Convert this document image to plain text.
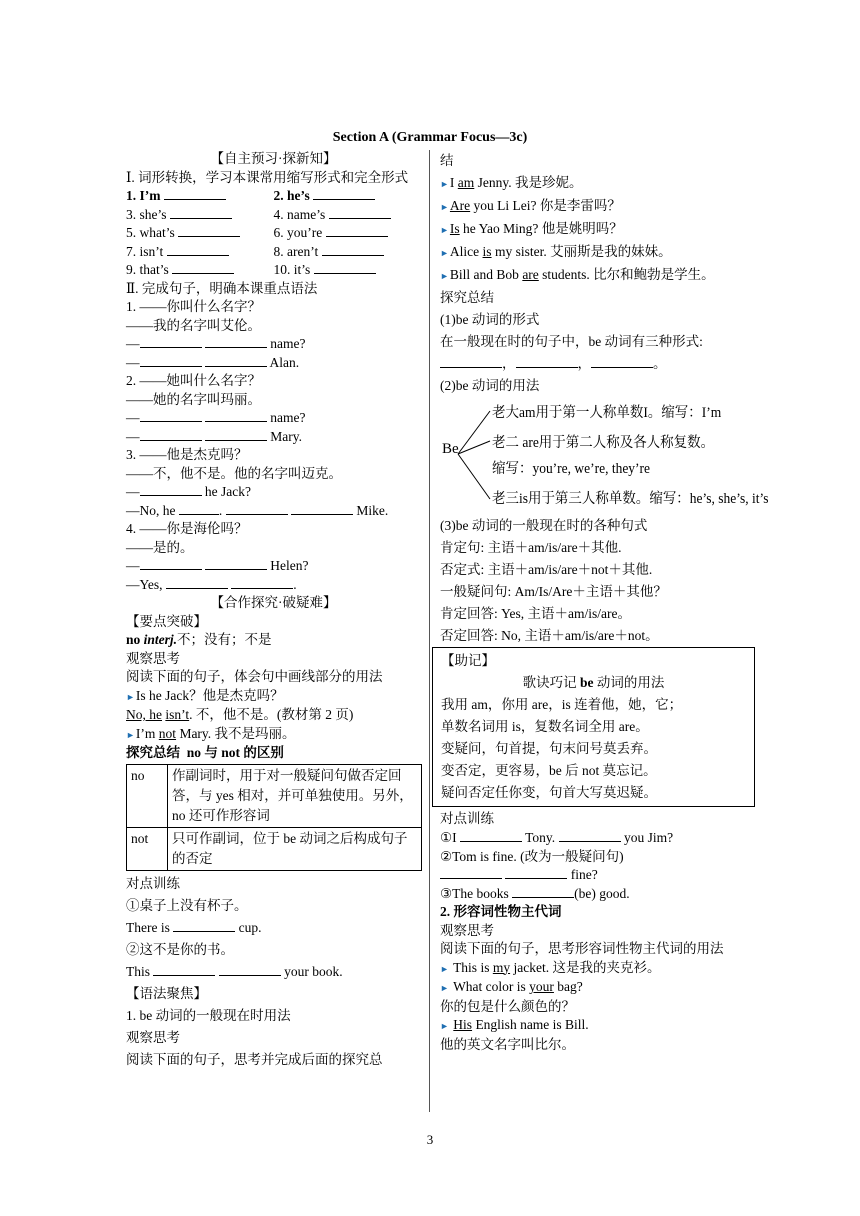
Section A (Grammar Focus—3c)
【自主预习·探新知】
Ⅰ. 词形转换，学习本课常用缩写形式和完全形式
1. I’m	2. he’s
3. she’s	4. name’s
5. what’s	6. you’re
7. isn’t	8. aren’t
9. that’s	10. it’s
Ⅱ. 完成句子，明确本课重点语法
1. ——你叫什么名字？
——我的名字叫艾伦。
—	name?
—	Alan.
2. ——她叫什么名字？
——她的名字叫玛丽。
—	name?
—	Mary.
3. ——他是杰克吗？
——不，他不是。他的名字叫迈克。
—	he Jack?
—No, he	.	Mike.
4. ——你是海伦吗？
——是的。
—	Helen?
—Yes,	.
【合作探究·破疑难】
【要点突破】
no interj.不；没有；不是
观察思考
阅读下面的句子，体会句中画线部分的用法
►Is he Jack？他是杰克吗？
No, he isn’t. 不，他不是。(教材第 2 页)
►I’m not Mary. 我不是玛丽。
探究总结 no 与 not 的区别
no	作副词时，用于对一般疑问句做否定回答，与 yes 相对，并可单独使用。另外，no 还可作形容词
not	只可作副词，位于 be 动词之后构成句子的否定
对点训练
①桌子上没有杯子。
There is	cup.
②这不是你的书。
This	your book.
【语法聚焦】
1. be 动词的一般现在时用法
观察思考
阅读下面的句子，思考并完成后面的探究总
结
►I am Jenny. 我是珍妮。
►Are you Li Lei? 你是李雷吗？
►Is he Yao Ming? 他是姚明吗？
►Alice is my sister. 艾丽斯是我的妹妹。
►Bill and Bob are students. 比尔和鲍勃是学生。
探究总结
(1)be 动词的形式
在一般现在时的句子中，be 动词有三种形式: ，	，	。
(2)be 动词的用法
Be
老大am用于第一人称单数I。缩写：I’m
老二 are用于第二人称及各人称复数。
缩写：you’re, we’re, they’re
老三is用于第三人称单数。缩写：he’s, she’s, it’s
(3)be 动词的一般现在时的各种句式
肯定句: 主语＋am/is/are＋其他.
否定式: 主语＋am/is/are＋not＋其他.
一般疑问句: Am/Is/Are＋主语＋其他？
肯定回答: Yes, 主语＋am/is/are。
否定回答: No, 主语＋am/is/are＋not。
【助记】
歌诀巧记 be 动词的用法
我用 am，你用 are，is 连着他，她，它；
单数名词用 is，复数名词全用 are。
变疑问，句首提，句末问号莫丢弃。
变否定，更容易，be 后 not 莫忘记。
疑问否定任你变，句首大写莫迟疑。
对点训练
①I	Tony.	you Jim?
②Tom is fine. (改为一般疑问句)
fine?
③The books	(be) good.
2. 形容词性物主代词
观察思考
阅读下面的句子，思考形容词性物主代词的用法
► This is my jacket. 这是我的夹克衫。
► What color is your bag?
你的包是什么颜色的？
► His English name is Bill.
他的英文名字叫比尔。
3
